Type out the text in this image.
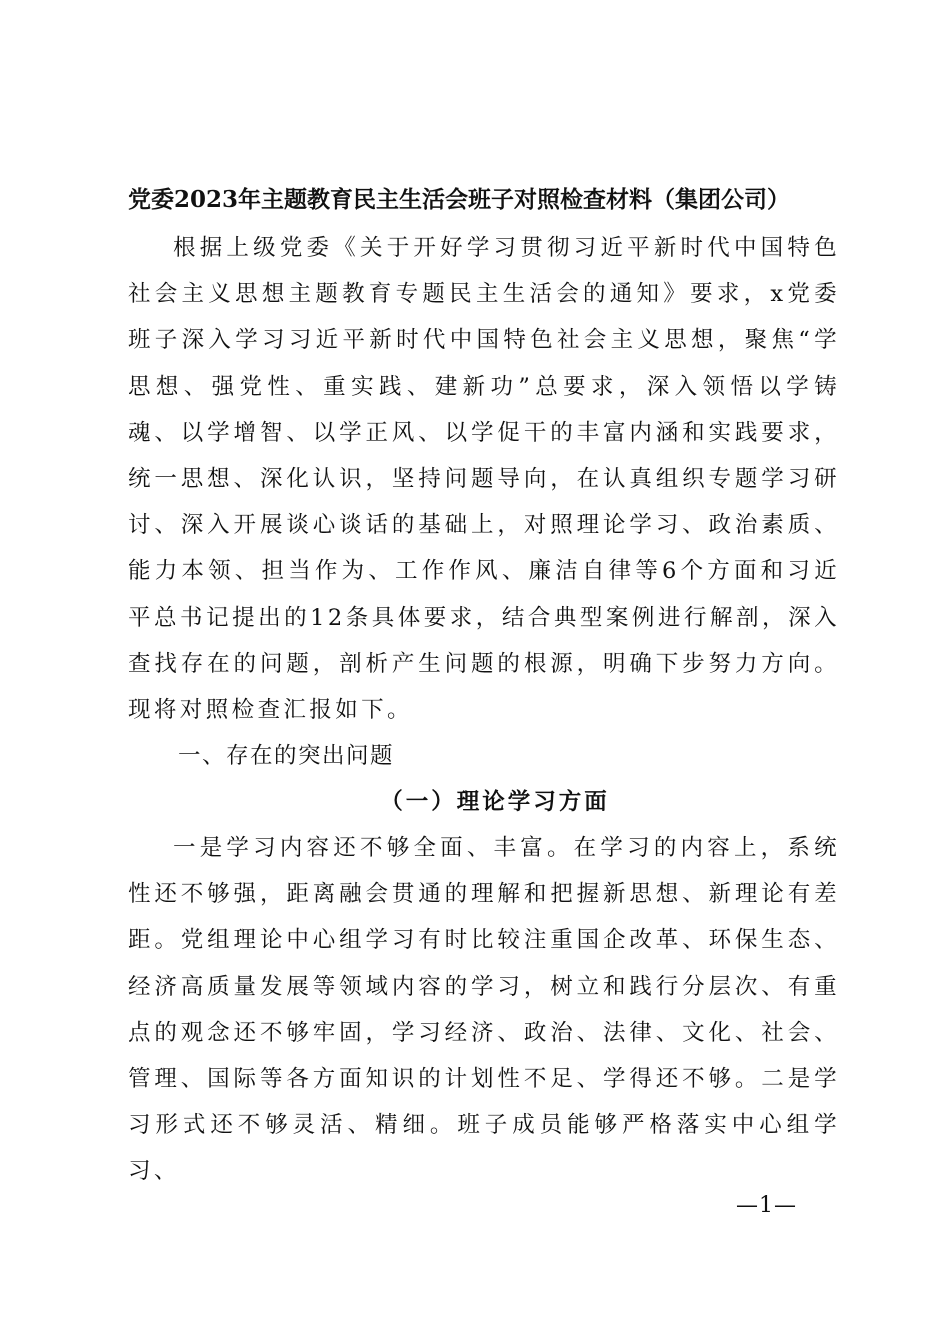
党委2023年主题教育民主生活会班子对照检查材料（集团公司）

根据上级党委《关于开好学习贯彻习近平新时代中国特色社会主义思想主题教育专题民主生活会的通知》要求，x党委班子深入学习习近平新时代中国特色社会主义思想，聚焦“学思想、强党性、重实践、建新功”总要求，深入领悟以学铸魂、以学增智、以学正风、以学促干的丰富内涵和实践要求，统一思想、深化认识，坚持问题导向，在认真组织专题学习研讨、深入开展谈心谈话的基础上，对照理论学习、政治素质、能力本领、担当作为、工作作风、廉洁自律等6个方面和习近平总书记提出的12条具体要求，结合典型案例进行解剖，深入查找存在的问题，剖析产生问题的根源，明确下步努力方向。现将对照检查汇报如下。

一、存在的突出问题
（一）理论学习方面

一是学习内容还不够全面、丰富。在学习的内容上，系统性还不够强，距离融会贯通的理解和把握新思想、新理论有差距。党组理论中心组学习有时比较注重国企改革、环保生态、经济高质量发展等领域内容的学习，树立和践行分层次、有重点的观念还不够牢固，学习经济、政治、法律、文化、社会、管理、国际等各方面知识的计划性不足、学得还不够。二是学习形式还不够灵活、精细。班子成员能够严格落实中心组学习、

—1—
